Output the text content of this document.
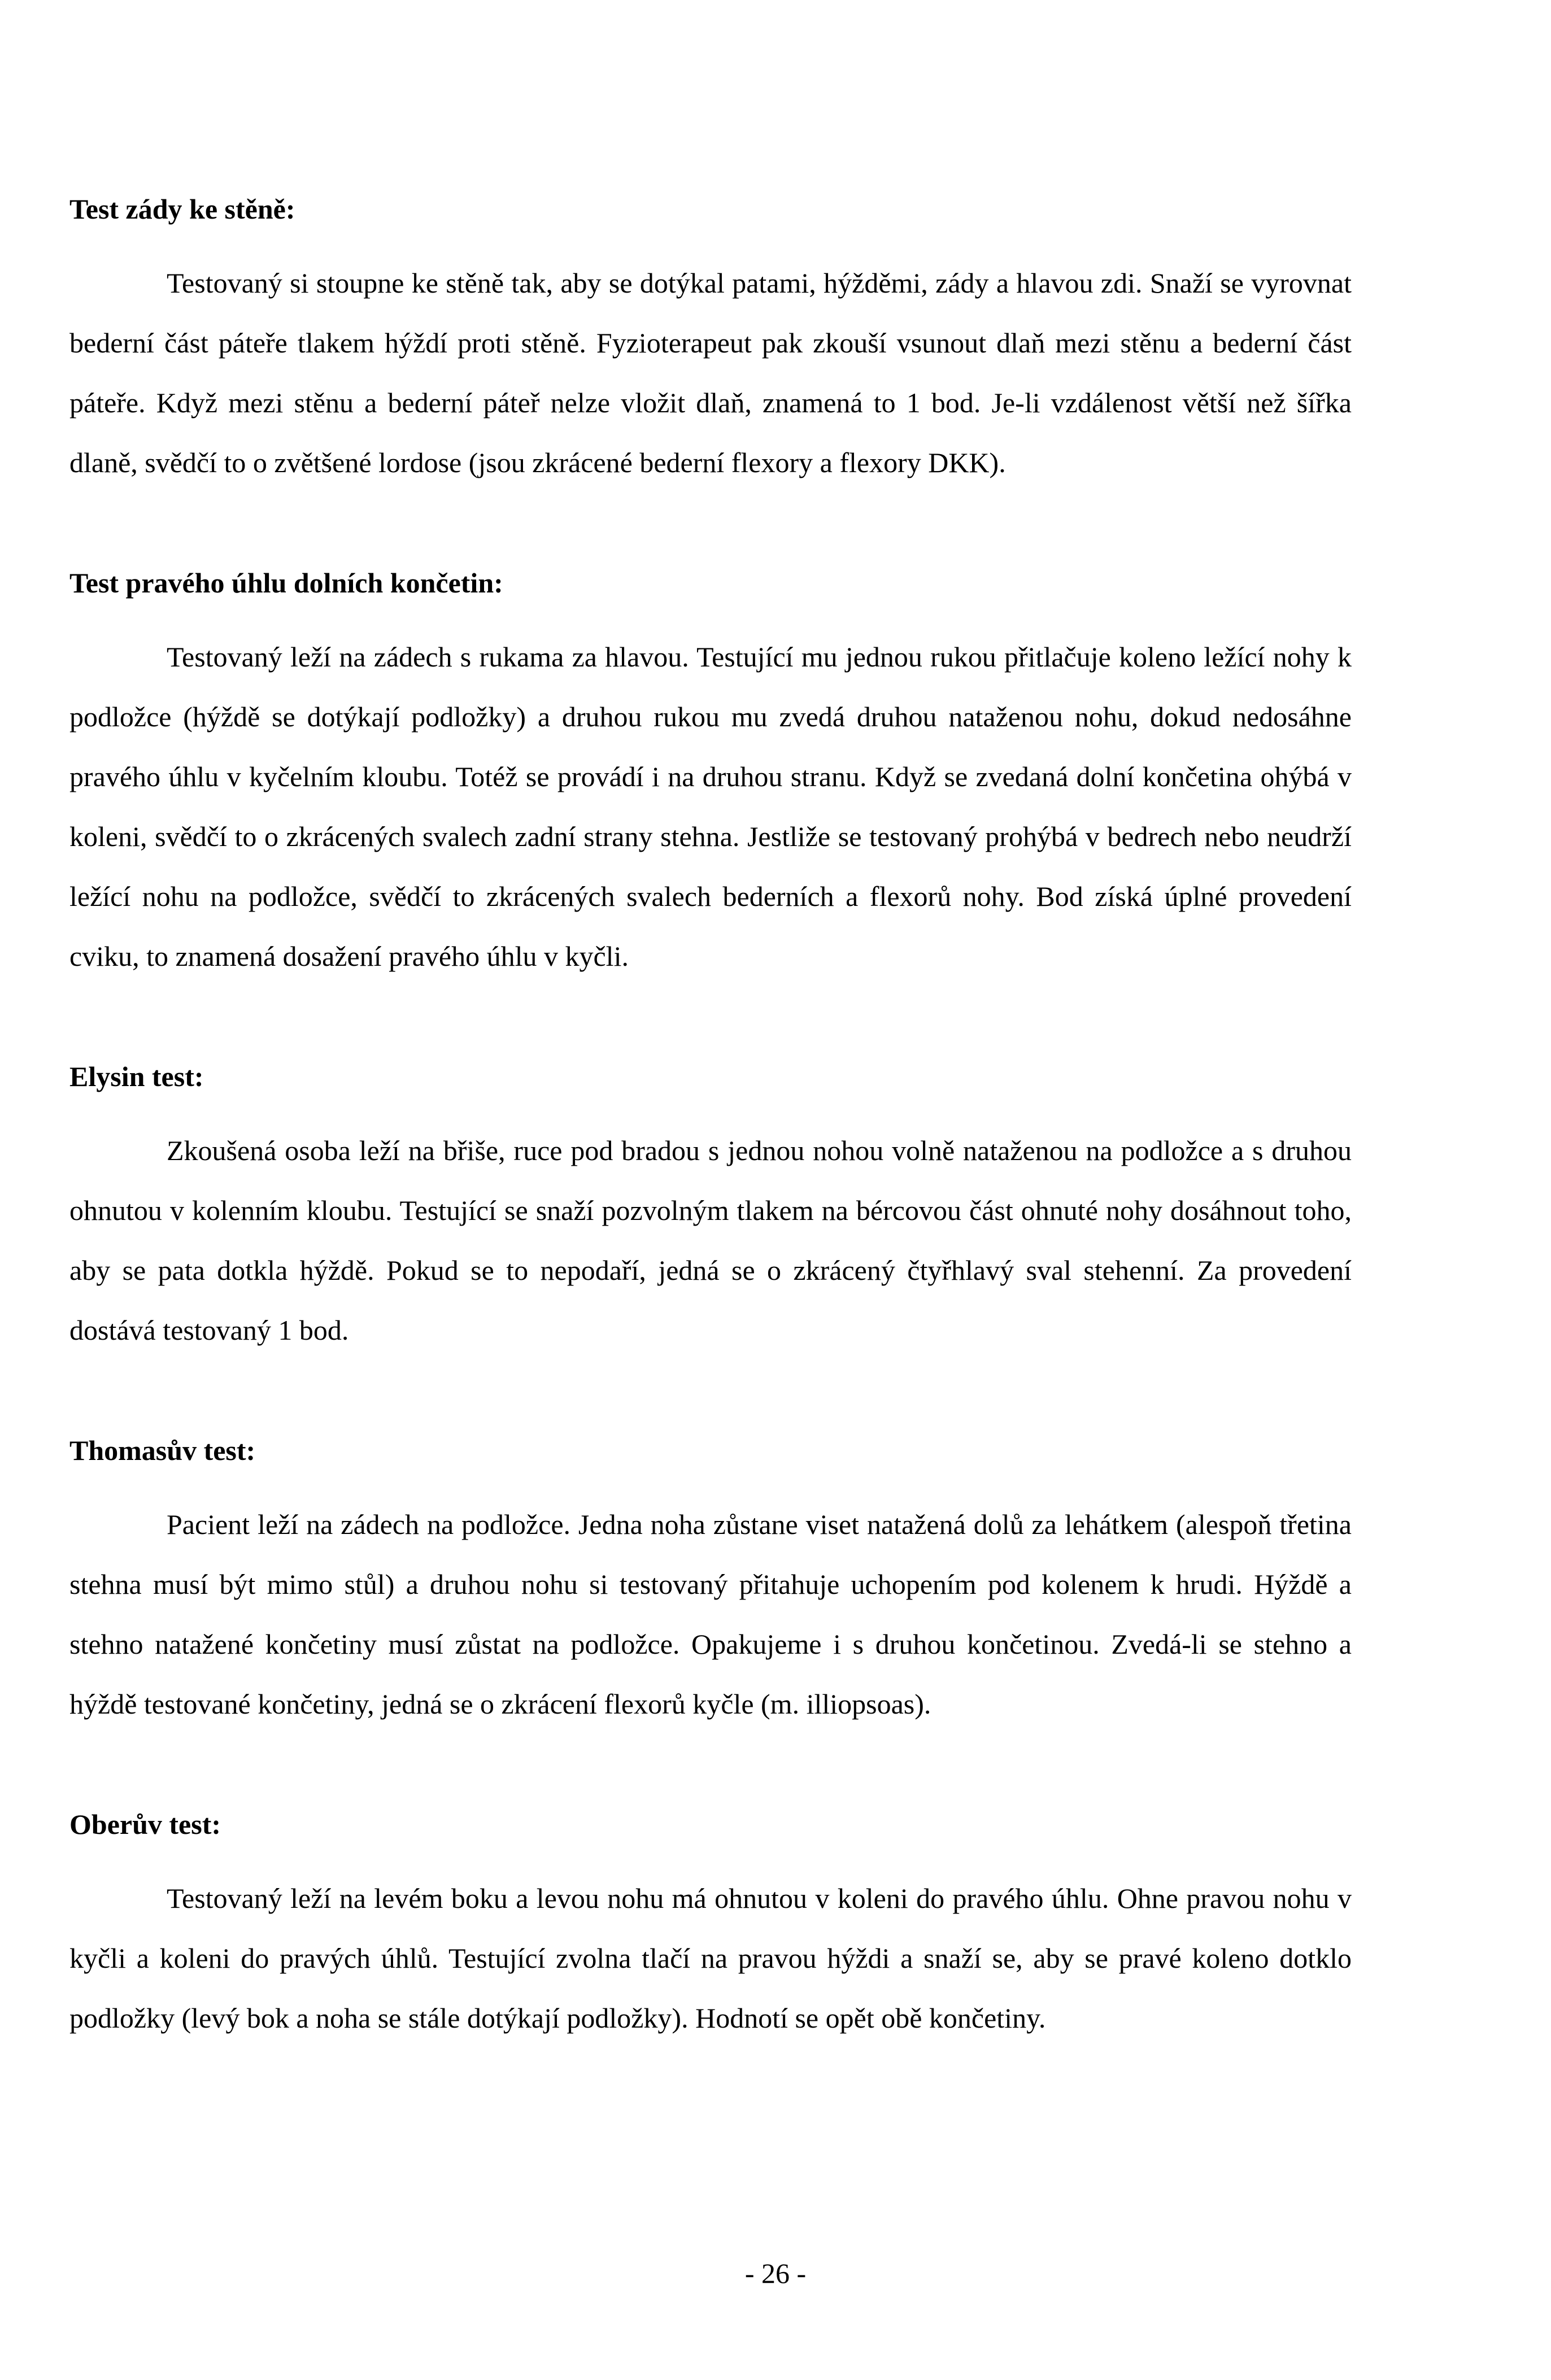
Test zády ke stěně:

Testovaný si stoupne ke stěně tak, aby se dotýkal patami, hýžděmi, zády a hlavou zdi. Snaží se vyrovnat bederní část páteře tlakem hýždí proti stěně. Fyzioterapeut pak zkouší vsunout dlaň mezi stěnu a bederní část páteře. Když mezi stěnu a bederní páteř nelze vložit dlaň, znamená to 1 bod. Je-li vzdálenost větší než šířka dlaně, svědčí to o zvětšené lordose (jsou zkrácené bederní flexory a flexory DKK).

Test pravého úhlu dolních končetin:

Testovaný leží na zádech s rukama za hlavou. Testující mu jednou rukou přitlačuje koleno ležící nohy k podložce (hýždě se dotýkají podložky) a druhou rukou mu zvedá druhou nataženou nohu, dokud nedosáhne pravého úhlu v kyčelním kloubu. Totéž se provádí i na druhou stranu. Když se zvedaná dolní končetina ohýbá v koleni, svědčí to o zkrácených svalech zadní strany stehna. Jestliže se testovaný prohýbá v bedrech nebo neudrží ležící nohu na podložce, svědčí to zkrácených svalech bederních a flexorů nohy. Bod získá úplné provedení cviku, to znamená dosažení pravého úhlu v kyčli.

Elysin test:

Zkoušená osoba leží na břiše, ruce pod bradou s jednou nohou volně nataženou na podložce a s druhou ohnutou v kolenním kloubu. Testující se snaží pozvolným tlakem na bércovou část ohnuté nohy dosáhnout toho, aby se pata dotkla hýždě. Pokud se to nepodaří, jedná se o zkrácený čtyřhlavý sval stehenní. Za provedení dostává testovaný 1 bod.

Thomasův test:

Pacient leží na zádech na podložce. Jedna noha zůstane viset natažená dolů za lehátkem (alespoň třetina stehna musí být mimo stůl) a druhou nohu si testovaný přitahuje uchopením pod kolenem k hrudi. Hýždě a stehno natažené končetiny musí zůstat na podložce. Opakujeme i s druhou končetinou. Zvedá-li se stehno a hýždě testované končetiny, jedná se o zkrácení flexorů kyčle (m. illiopsoas).

Oberův test:

Testovaný leží na levém boku a levou nohu má ohnutou v koleni do pravého úhlu. Ohne pravou nohu v kyčli a koleni do pravých úhlů. Testující zvolna tlačí na pravou hýždi a snaží se, aby se pravé koleno dotklo podložky (levý bok a noha se stále dotýkají podložky). Hodnotí se opět obě končetiny.

- 26 -
